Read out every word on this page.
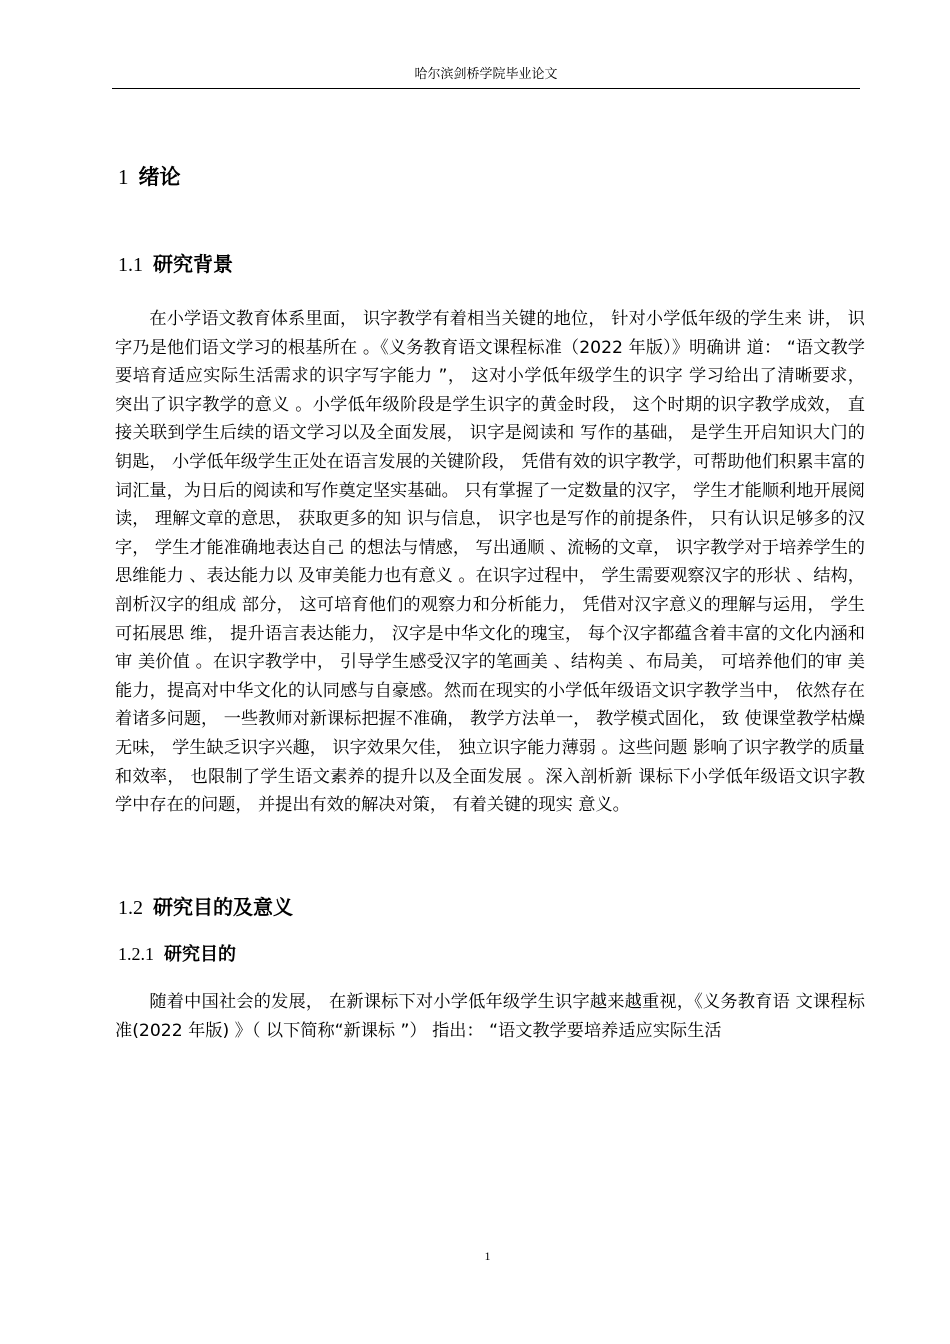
哈尔滨剑桥学院毕业论文
1 绪论
1.1 研究背景

在小学语文教育体系里面， 识字教学有着相当关键的地位， 针对小学低年级的学生来 讲， 识字乃是他们语文学习的根基所在 。《义务教育语文课程标准（2022 年版）》明确讲 道： “语文教学要培育适应实际生活需求的识字写字能力 ”， 这对小学低年级学生的识字 学习给出了清晰要求， 突出了识字教学的意义 。小学低年级阶段是学生识字的黄金时段， 这个时期的识字教学成效， 直接关联到学生后续的语文学习以及全面发展， 识字是阅读和 写作的基础， 是学生开启知识大门的钥匙， 小学低年级学生正处在语言发展的关键阶段， 凭借有效的识字教学，可帮助他们积累丰富的词汇量，为日后的阅读和写作奠定坚实基础。 只有掌握了一定数量的汉字， 学生才能顺利地开展阅读， 理解文章的意思， 获取更多的知 识与信息， 识字也是写作的前提条件， 只有认识足够多的汉字， 学生才能准确地表达自己 的想法与情感， 写出通顺 、流畅的文章， 识字教学对于培养学生的思维能力 、表达能力以 及审美能力也有意义 。在识字过程中， 学生需要观察汉字的形状 、结构， 剖析汉字的组成 部分， 这可培育他们的观察力和分析能力， 凭借对汉字意义的理解与运用， 学生可拓展思 维， 提升语言表达能力， 汉字是中华文化的瑰宝， 每个汉字都蕴含着丰富的文化内涵和审 美价值 。在识字教学中， 引导学生感受汉字的笔画美 、结构美 、布局美， 可培养他们的审 美能力，提高对中华文化的认同感与自豪感。然而在现实的小学低年级语文识字教学当中， 依然存在着诸多问题， 一些教师对新课标把握不准确， 教学方法单一， 教学模式固化， 致 使课堂教学枯燥无味， 学生缺乏识字兴趣， 识字效果欠佳， 独立识字能力薄弱 。这些问题 影响了识字教学的质量和效率， 也限制了学生语文素养的提升以及全面发展 。深入剖析新 课标下小学低年级语文识字教学中存在的问题， 并提出有效的解决对策， 有着关键的现实 意义。

1.2 研究目的及意义
1.2.1 研究目的

随着中国社会的发展， 在新课标下对小学低年级学生识字越来越重视，《义务教育语 文课程标准(2022 年版) 》（ 以下简称“新课标 ”） 指出： “语文教学要培养适应实际生活

1
